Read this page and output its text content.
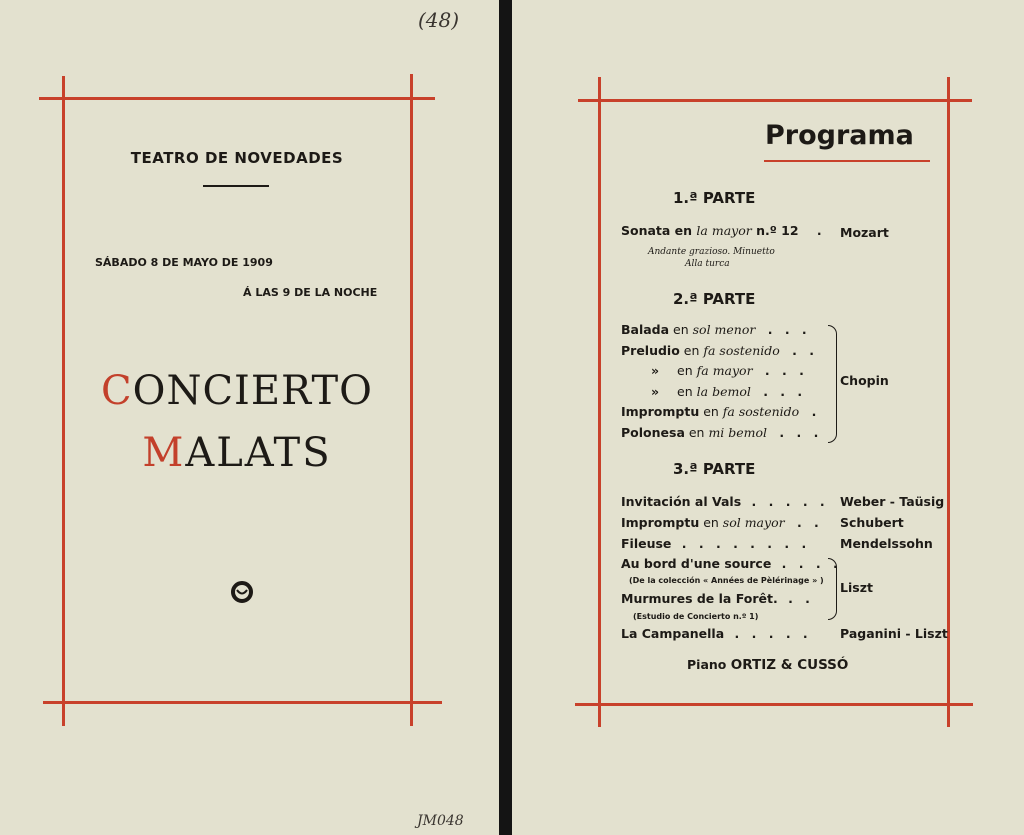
(48)
TEATRO DE NOVEDADES
SÁBADO 8 DE MAYO DE 1909
Á LAS 9 DE LA NOCHE
CONCIERTO
MALATS
JM048
Programa
1.ª PARTE
Sonata en la mayor n.º 12 .	Mozart
Andante grazioso. Minuetto
Alla turca
2.ª PARTE
Balada en sol menor . . .
Preludio en fa sostenido . .
» en fa mayor . . .
» en la bemol . . .
Impromptu en fa sostenido .
Polonesa en mi bemol . . .
Chopin
3.ª PARTE
Invitación al Vals . . . . . Weber - Taüsig
Impromptu en sol mayor . .	Schubert
Fileuse . . . . . . . .	Mendelssohn
Au bord d'une source . . . .
(De la colección « Années de Pèlérinage » )
Murmures de la Forêt. . .
(Estudio de Concierto n.º 1)
Liszt
La Campanella . . . . .	Paganini - Liszt
Piano ORTIZ & CUSSÓ
